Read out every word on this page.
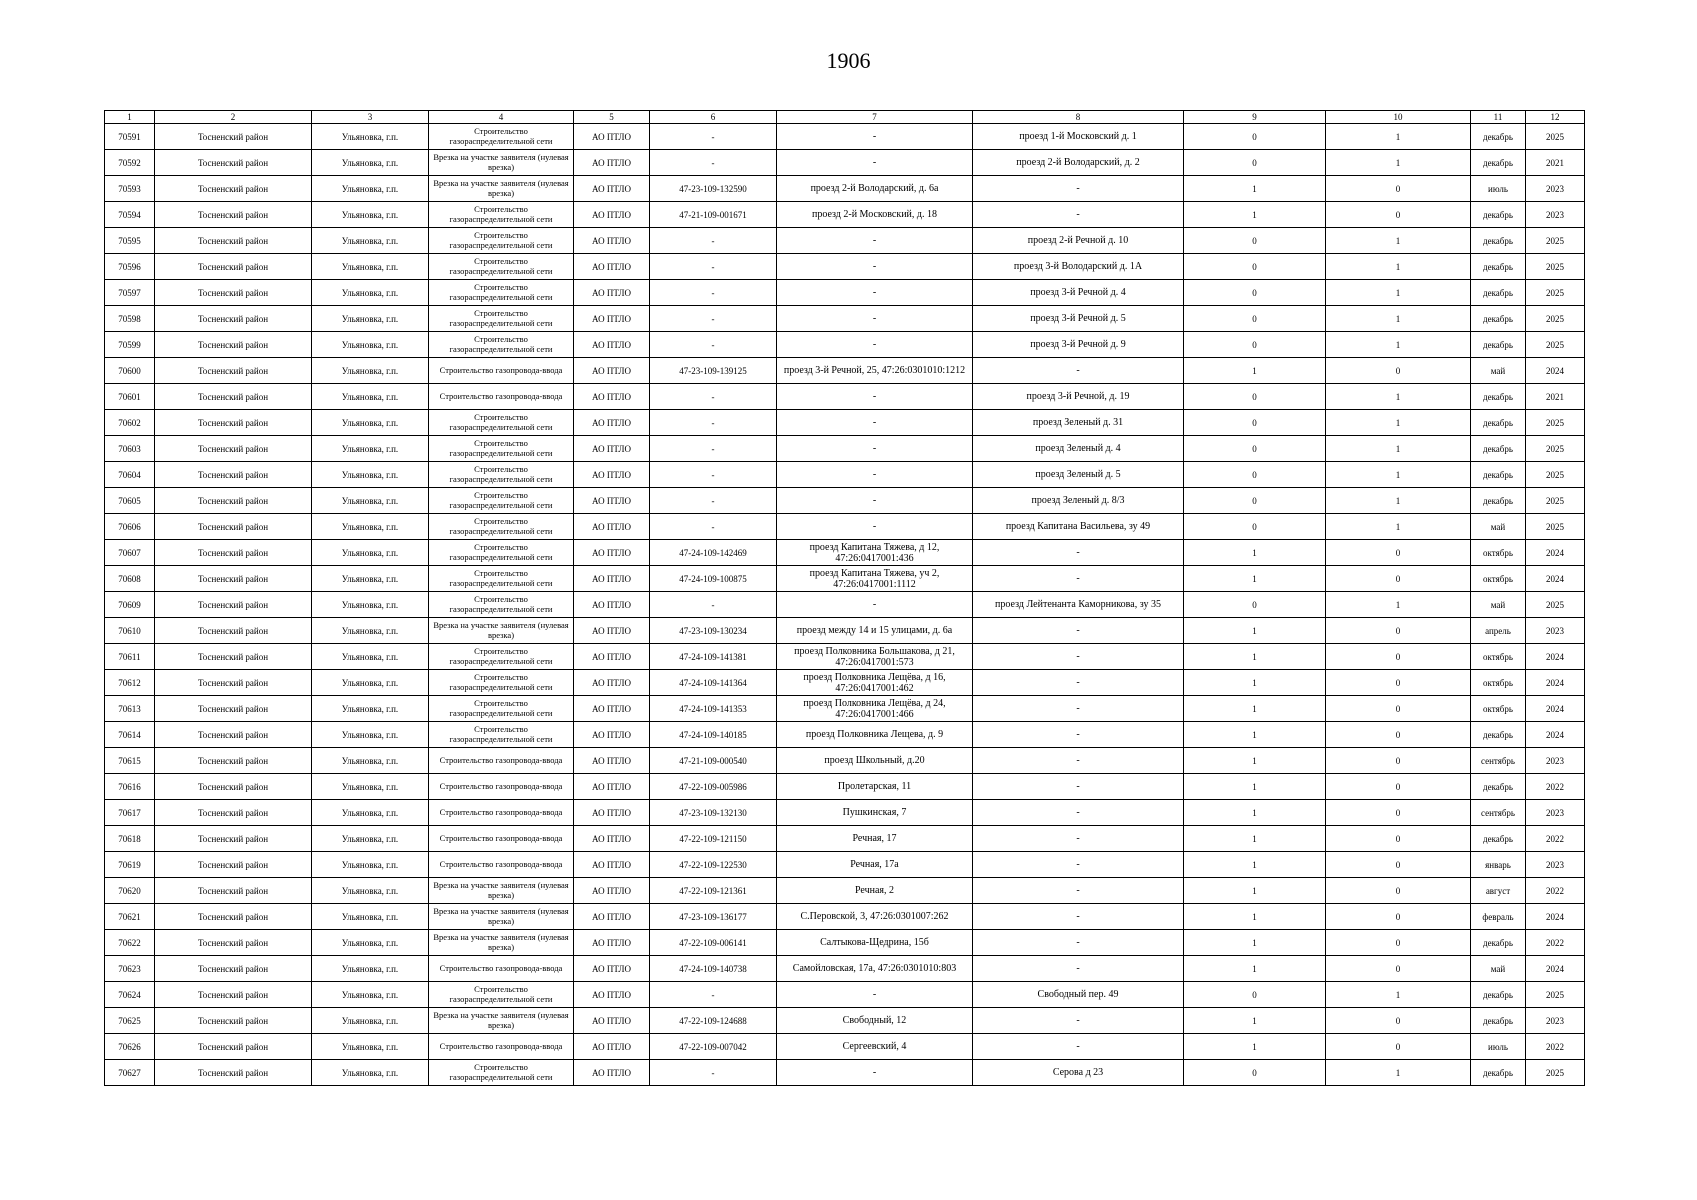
1906
1	2	3	4	5	6	7	8	9	10	11	12
70591	Тосненский район	Ульяновка, г.п.	Строительство газораспределительной сети	АО ПТЛО	-	-	проезд 1-й Московский д. 1	0	1	декабрь	2025
70592	Тосненский район	Ульяновка, г.п.	Врезка на участке заявителя (нулевая врезка)	АО ПТЛО	-	-	проезд 2-й Володарский, д. 2	0	1	декабрь	2021
70593	Тосненский район	Ульяновка, г.п.	Врезка на участке заявителя (нулевая врезка)	АО ПТЛО	47-23-109-132590	проезд 2-й Володарский, д. 6а	-	1	0	июль	2023
70594	Тосненский район	Ульяновка, г.п.	Строительство газораспределительной сети	АО ПТЛО	47-21-109-001671	проезд 2-й Московский, д. 18	-	1	0	декабрь	2023
70595	Тосненский район	Ульяновка, г.п.	Строительство газораспределительной сети	АО ПТЛО	-	-	проезд 2-й Речной д. 10	0	1	декабрь	2025
70596	Тосненский район	Ульяновка, г.п.	Строительство газораспределительной сети	АО ПТЛО	-	-	проезд 3-й Володарский д. 1А	0	1	декабрь	2025
70597	Тосненский район	Ульяновка, г.п.	Строительство газораспределительной сети	АО ПТЛО	-	-	проезд 3-й Речной д. 4	0	1	декабрь	2025
70598	Тосненский район	Ульяновка, г.п.	Строительство газораспределительной сети	АО ПТЛО	-	-	проезд 3-й Речной д. 5	0	1	декабрь	2025
70599	Тосненский район	Ульяновка, г.п.	Строительство газораспределительной сети	АО ПТЛО	-	-	проезд 3-й Речной д. 9	0	1	декабрь	2025
70600	Тосненский район	Ульяновка, г.п.	Строительство газопровода-ввода	АО ПТЛО	47-23-109-139125	проезд 3-й Речной, 25, 47:26:0301010:1212	-	1	0	май	2024
70601	Тосненский район	Ульяновка, г.п.	Строительство газопровода-ввода	АО ПТЛО	-	-	проезд 3-й Речной, д. 19	0	1	декабрь	2021
70602	Тосненский район	Ульяновка, г.п.	Строительство газораспределительной сети	АО ПТЛО	-	-	проезд Зеленый д. 31	0	1	декабрь	2025
70603	Тосненский район	Ульяновка, г.п.	Строительство газораспределительной сети	АО ПТЛО	-	-	проезд Зеленый д. 4	0	1	декабрь	2025
70604	Тосненский район	Ульяновка, г.п.	Строительство газораспределительной сети	АО ПТЛО	-	-	проезд Зеленый д. 5	0	1	декабрь	2025
70605	Тосненский район	Ульяновка, г.п.	Строительство газораспределительной сети	АО ПТЛО	-	-	проезд Зеленый д. 8/3	0	1	декабрь	2025
70606	Тосненский район	Ульяновка, г.п.	Строительство газораспределительной сети	АО ПТЛО	-	-	проезд Капитана Васильева, зу 49	0	1	май	2025
70607	Тосненский район	Ульяновка, г.п.	Строительство газораспределительной сети	АО ПТЛО	47-24-109-142469	проезд Капитана Тяжева, д 12, 47:26:0417001:436	-	1	0	октябрь	2024
70608	Тосненский район	Ульяновка, г.п.	Строительство газораспределительной сети	АО ПТЛО	47-24-109-100875	проезд Капитана Тяжева, уч 2, 47:26:0417001:1112	-	1	0	октябрь	2024
70609	Тосненский район	Ульяновка, г.п.	Строительство газораспределительной сети	АО ПТЛО	-	-	проезд Лейтенанта Каморникова, зу 35	0	1	май	2025
70610	Тосненский район	Ульяновка, г.п.	Врезка на участке заявителя (нулевая врезка)	АО ПТЛО	47-23-109-130234	проезд между 14 и 15 улицами, д. 6а	-	1	0	апрель	2023
70611	Тосненский район	Ульяновка, г.п.	Строительство газораспределительной сети	АО ПТЛО	47-24-109-141381	проезд Полковника Большакова, д 21, 47:26:0417001:573	-	1	0	октябрь	2024
70612	Тосненский район	Ульяновка, г.п.	Строительство газораспределительной сети	АО ПТЛО	47-24-109-141364	проезд Полковника Лещёва, д 16, 47:26:0417001:462	-	1	0	октябрь	2024
70613	Тосненский район	Ульяновка, г.п.	Строительство газораспределительной сети	АО ПТЛО	47-24-109-141353	проезд Полковника Лещёва, д 24, 47:26:0417001:466	-	1	0	октябрь	2024
70614	Тосненский район	Ульяновка, г.п.	Строительство газораспределительной сети	АО ПТЛО	47-24-109-140185	проезд Полковника Лещева, д. 9	-	1	0	декабрь	2024
70615	Тосненский район	Ульяновка, г.п.	Строительство газопровода-ввода	АО ПТЛО	47-21-109-000540	проезд Школьный, д.20	-	1	0	сентябрь	2023
70616	Тосненский район	Ульяновка, г.п.	Строительство газопровода-ввода	АО ПТЛО	47-22-109-005986	Пролетарская, 11	-	1	0	декабрь	2022
70617	Тосненский район	Ульяновка, г.п.	Строительство газопровода-ввода	АО ПТЛО	47-23-109-132130	Пушкинская, 7	-	1	0	сентябрь	2023
70618	Тосненский район	Ульяновка, г.п.	Строительство газопровода-ввода	АО ПТЛО	47-22-109-121150	Речная, 17	-	1	0	декабрь	2022
70619	Тосненский район	Ульяновка, г.п.	Строительство газопровода-ввода	АО ПТЛО	47-22-109-122530	Речная, 17а	-	1	0	январь	2023
70620	Тосненский район	Ульяновка, г.п.	Врезка на участке заявителя (нулевая врезка)	АО ПТЛО	47-22-109-121361	Речная, 2	-	1	0	август	2022
70621	Тосненский район	Ульяновка, г.п.	Врезка на участке заявителя (нулевая врезка)	АО ПТЛО	47-23-109-136177	С.Перовской, 3, 47:26:0301007:262	-	1	0	февраль	2024
70622	Тосненский район	Ульяновка, г.п.	Врезка на участке заявителя (нулевая врезка)	АО ПТЛО	47-22-109-006141	Салтыкова-Щедрина, 15б	-	1	0	декабрь	2022
70623	Тосненский район	Ульяновка, г.п.	Строительство газопровода-ввода	АО ПТЛО	47-24-109-140738	Самойловская, 17а, 47:26:0301010:803	-	1	0	май	2024
70624	Тосненский район	Ульяновка, г.п.	Строительство газораспределительной сети	АО ПТЛО	-	-	Свободный пер. 49	0	1	декабрь	2025
70625	Тосненский район	Ульяновка, г.п.	Врезка на участке заявителя (нулевая врезка)	АО ПТЛО	47-22-109-124688	Свободный, 12	-	1	0	декабрь	2023
70626	Тосненский район	Ульяновка, г.п.	Строительство газопровода-ввода	АО ПТЛО	47-22-109-007042	Сергеевский, 4	-	1	0	июль	2022
70627	Тосненский район	Ульяновка, г.п.	Строительство газораспределительной сети	АО ПТЛО	-	-	Серова д 23	0	1	декабрь	2025
